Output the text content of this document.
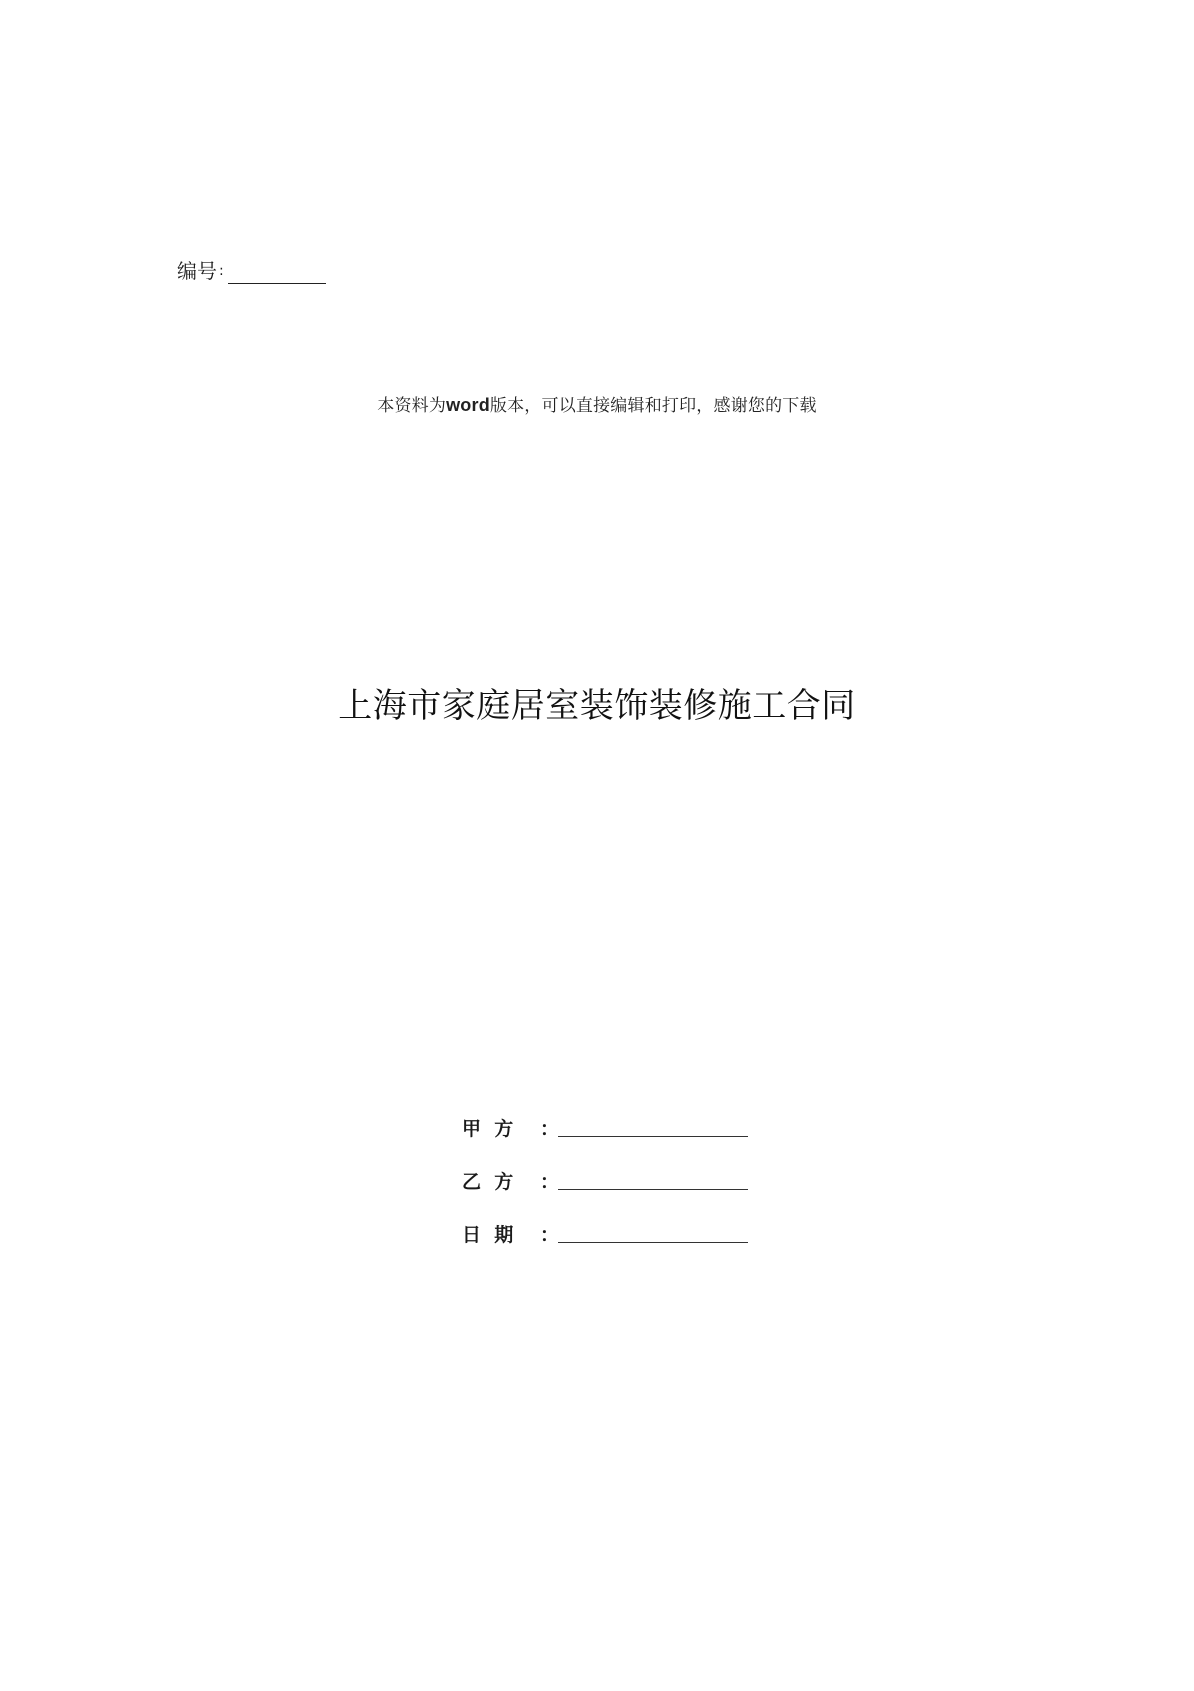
编号 :
本资料为word版本，可以直接编辑和打印，感谢您的下载
上海市家庭居室装饰装修施工合同
甲  方	：
乙  方	：
日  期	：
